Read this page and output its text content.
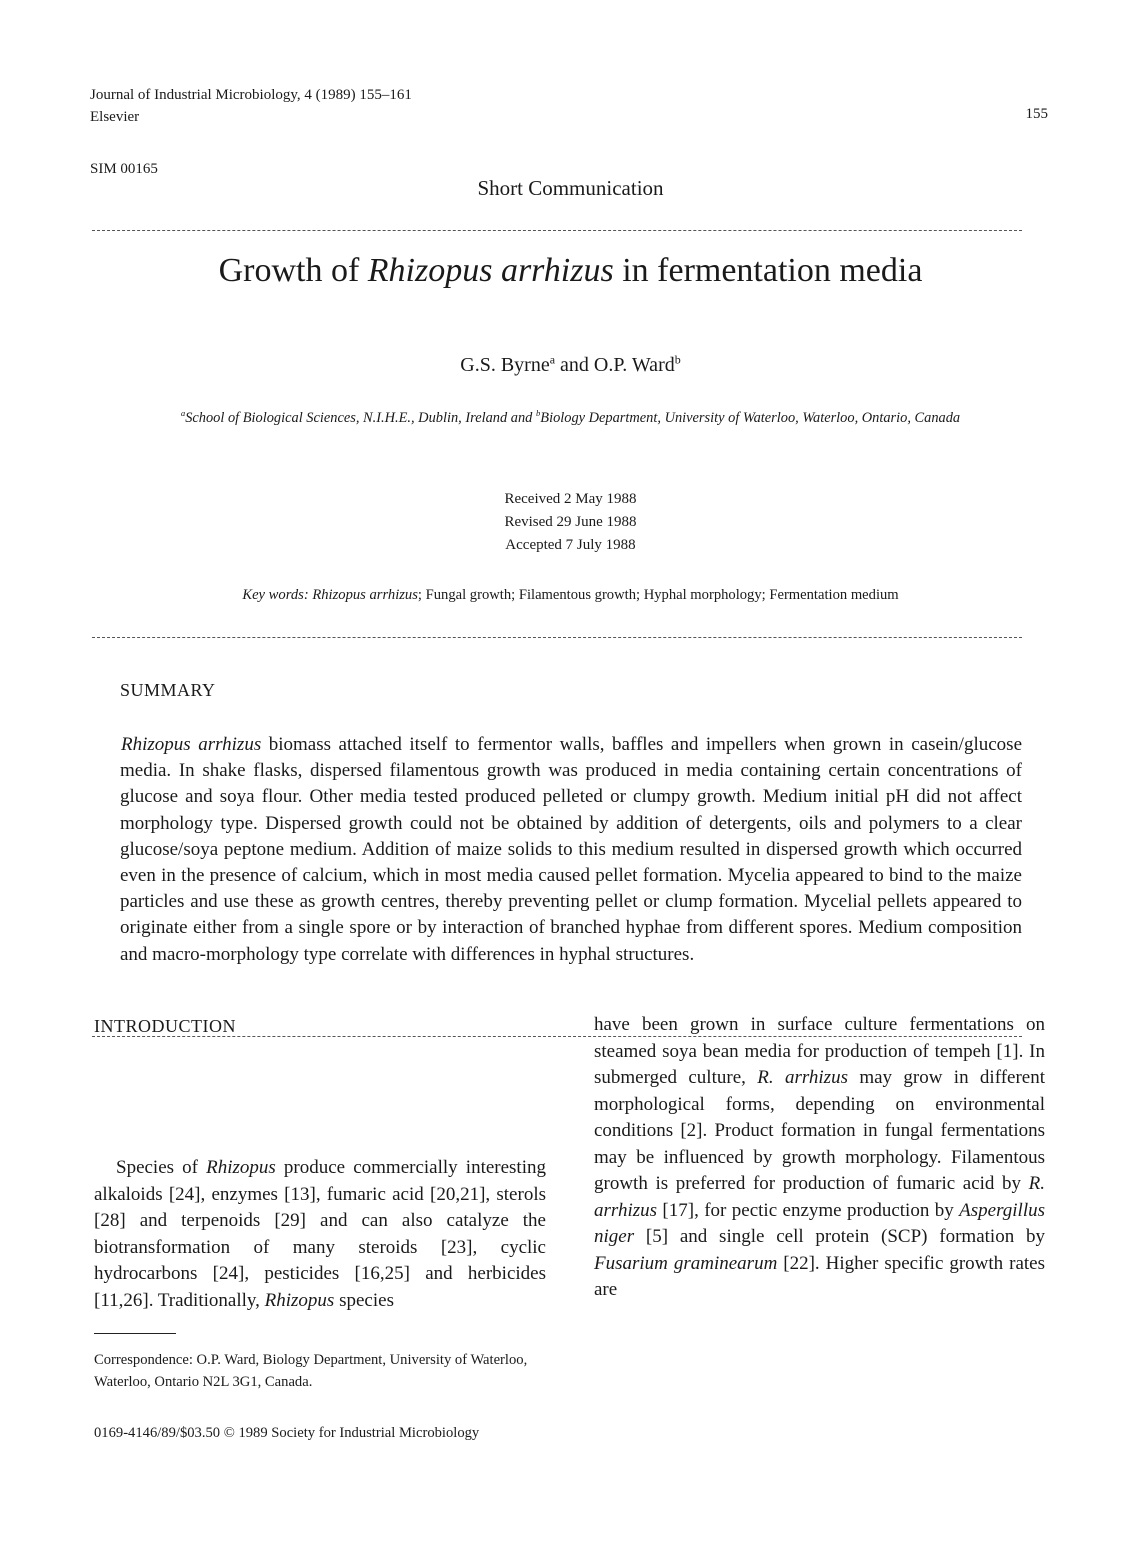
Journal of Industrial Microbiology, 4 (1989) 155–161
Elsevier	155
SIM 00165
Short Communication
Growth of Rhizopus arrhizus in fermentation media
G.S. Byrne$^a$ and O.P. Ward$^b$
$^a$School of Biological Sciences, N.I.H.E., Dublin, Ireland and $^b$Biology Department, University of Waterloo, Waterloo, Ontario, Canada
Received 2 May 1988
Revised 29 June 1988
Accepted 7 July 1988
Key words: Rhizopus arrhizus; Fungal growth; Filamentous growth; Hyphal morphology; Fermentation medium
SUMMARY
Rhizopus arrhizus biomass attached itself to fermentor walls, baffles and impellers when grown in casein/glucose media. In shake flasks, dispersed filamentous growth was produced in media containing certain concentrations of glucose and soya flour. Other media tested produced pelleted or clumpy growth. Medium initial pH did not affect morphology type. Dispersed growth could not be obtained by addition of detergents, oils and polymers to a clear glucose/soya peptone medium. Addition of maize solids to this medium resulted in dispersed growth which occurred even in the presence of calcium, which in most media caused pellet formation. Mycelia appeared to bind to the maize particles and use these as growth centres, thereby preventing pellet or clump formation. Mycelial pellets appeared to originate either from a single spore or by interaction of branched hyphae from different spores. Medium composition and macro-morphology type correlate with differences in hyphal structures.
INTRODUCTION

Species of Rhizopus produce commercially interesting alkaloids [24], enzymes [13], fumaric acid [20,21], sterols [28] and terpenoids [29] and can also catalyze the biotransformation of many steroids [23], cyclic hydrocarbons [24], pesticides [16,25] and herbicides [11,26]. Traditionally, Rhizopus species

have been grown in surface culture fermentations on steamed soya bean media for production of tempeh [1]. In submerged culture, R. arrhizus may grow in different morphological forms, depending on environmental conditions [2]. Product formation in fungal fermentations may be influenced by growth morphology. Filamentous growth is preferred for production of fumaric acid by R. arrhizus [17], for pectic enzyme production by Aspergillus niger [5] and single cell protein (SCP) formation by Fusarium graminearum [22]. Higher specific growth rates are

Correspondence: O.P. Ward, Biology Department, University of Waterloo, Waterloo, Ontario N2L 3G1, Canada.
0169-4146/89/$03.50 © 1989 Society for Industrial Microbiology
